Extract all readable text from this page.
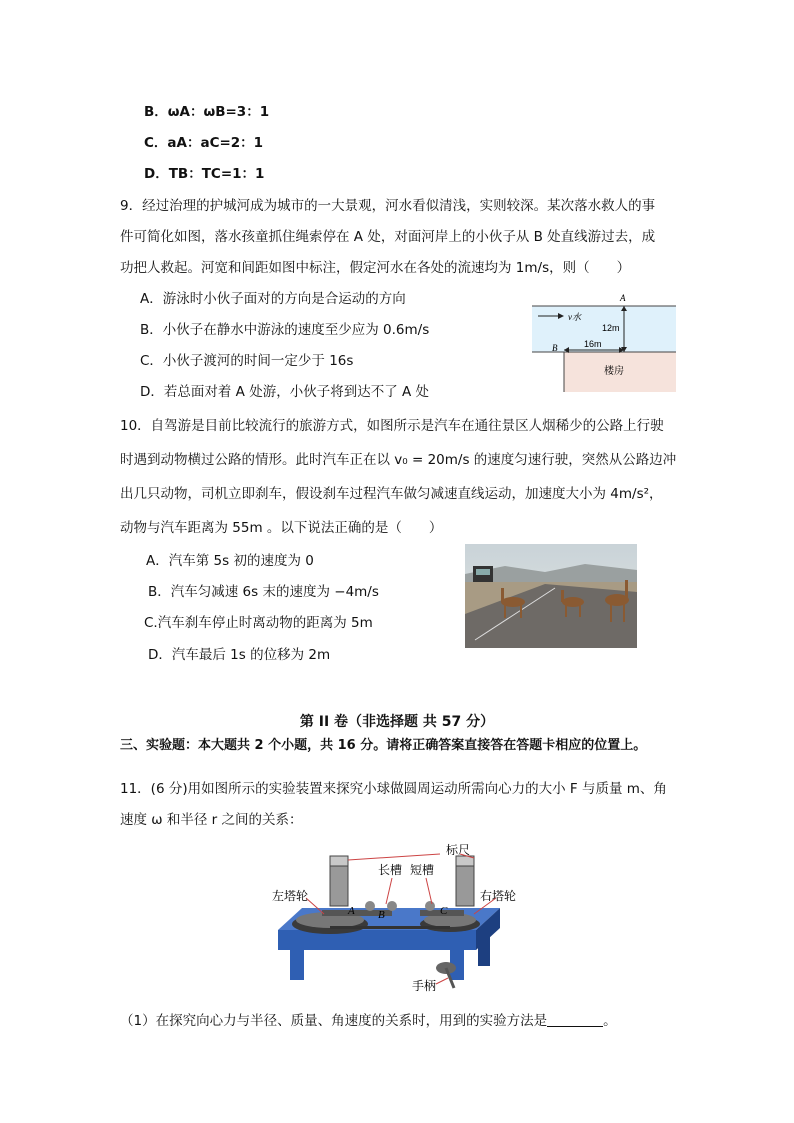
B．ωA：ωB=3：1
C．aA：aC=2：1
D．TB：TC=1：1
9．经过治理的护城河成为城市的一大景观，河水看似清浅，实则较深。某次落水救人的事
件可简化如图，落水孩童抓住绳索停在 A 处，对面河岸上的小伙子从 B 处直线游过去，成
功把人救起。河宽和间距如图中标注，假定河水在各处的流速均为 1m/s，则（　　）
A．游泳时小伙子面对的方向是合运动的方向
B．小伙子在静水中游泳的速度至少应为 0.6m/s
C．小伙子渡河的时间一定少于 16s
D．若总面对着 A 处游，小伙子将到达不了 A 处
v水
12m
16m
A
B
楼房
10．自驾游是目前比较流行的旅游方式，如图所示是汽车在通往景区人烟稀少的公路上行驶
时遇到动物横过公路的情形。此时汽车正在以 v₀ = 20m/s 的速度匀速行驶，突然从公路边冲
出几只动物，司机立即刹车，假设刹车过程汽车做匀减速直线运动，加速度大小为 4m/s²，
动物与汽车距离为 55m 。以下说法正确的是（　　）
A．汽车第 5s 初的速度为 0
B．汽车匀减速 6s 末的速度为 −4m/s
C.汽车刹车停止时离动物的距离为 5m
D．汽车最后 1s 的位移为 2m
第 II 卷（非选择题 共 57 分）
三、实验题：本大题共 2 个小题，共 16 分。请将正确答案直接答在答题卡相应的位置上。
11．(6 分)用如图所示的实验装置来探究小球做圆周运动所需向心力的大小 F 与质量 m、角
速度 ω 和半径 r 之间的关系：
标尺
长槽 短槽
左塔轮	右塔轮
手柄
A B	C
（1）在探究向心力与半径、质量、角速度的关系时，用到的实验方法是	。
